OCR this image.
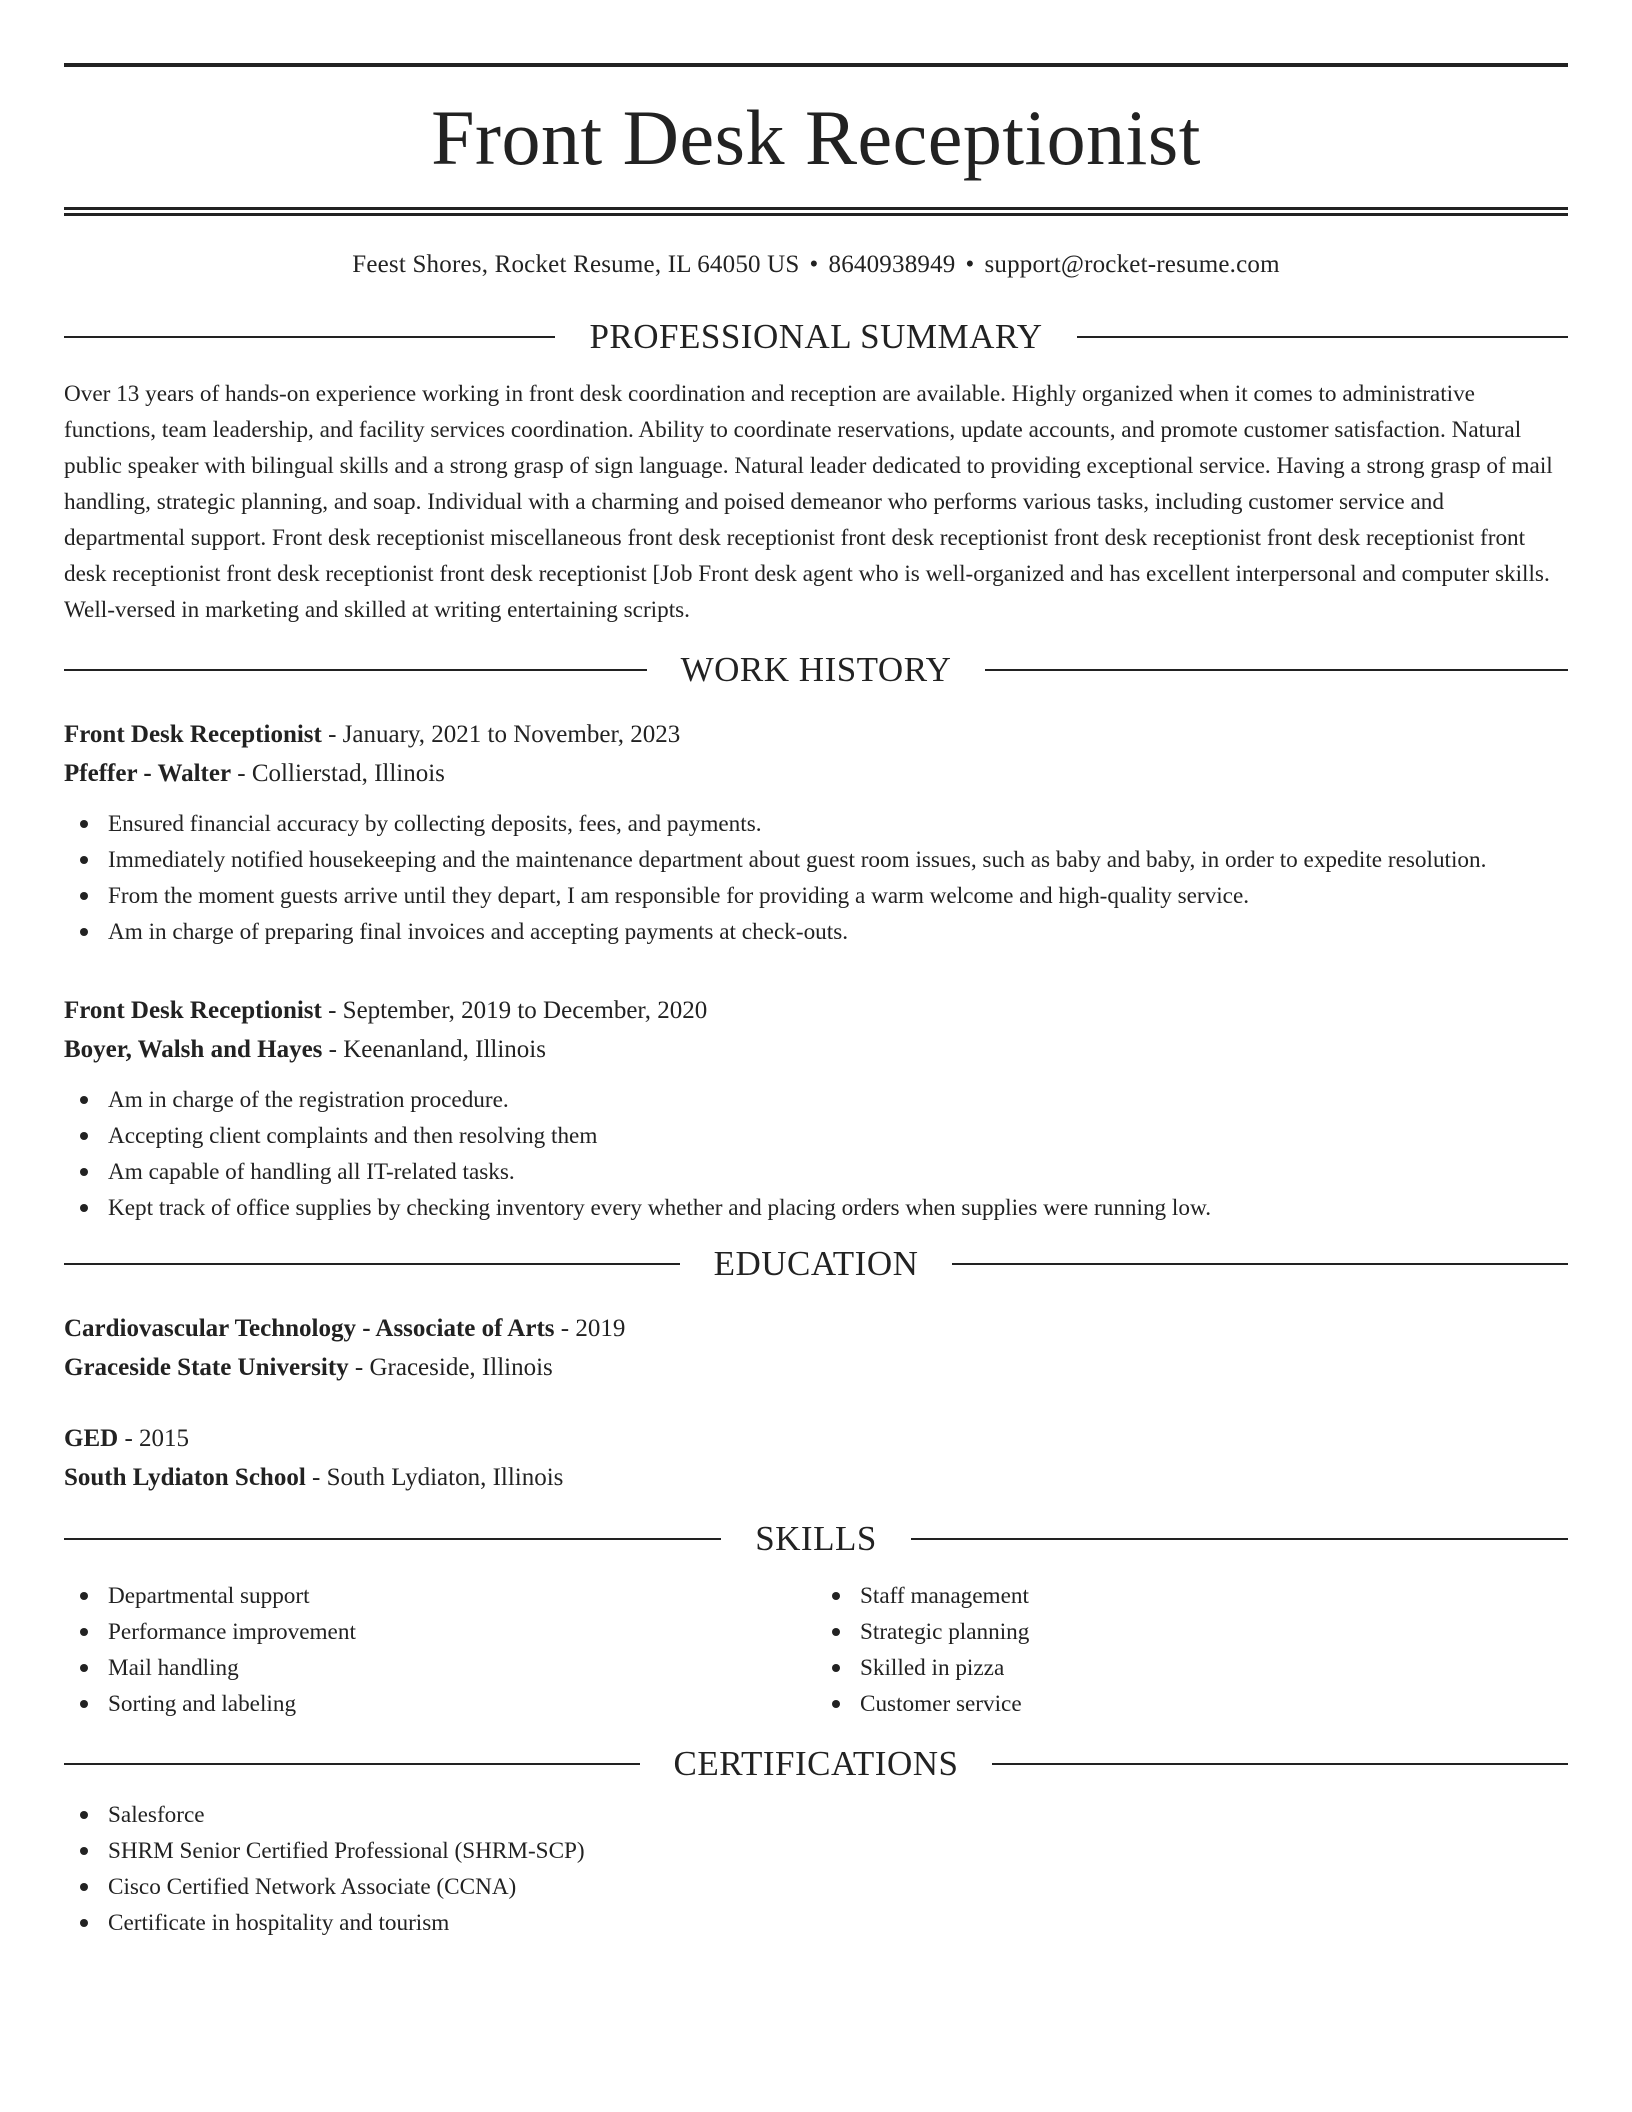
Front Desk Receptionist
Feest Shores, Rocket Resume, IL 64050 US • 8640938949 • support@rocket-resume.com
PROFESSIONAL SUMMARY
Over 13 years of hands-on experience working in front desk coordination and reception are available. Highly organized when it comes to administrative functions, team leadership, and facility services coordination. Ability to coordinate reservations, update accounts, and promote customer satisfaction. Natural public speaker with bilingual skills and a strong grasp of sign language. Natural leader dedicated to providing exceptional service. Having a strong grasp of mail handling, strategic planning, and soap. Individual with a charming and poised demeanor who performs various tasks, including customer service and departmental support. Front desk receptionist miscellaneous front desk receptionist front desk receptionist front desk receptionist front desk receptionist front desk receptionist front desk receptionist front desk receptionist [Job Front desk agent who is well-organized and has excellent interpersonal and computer skills. Well-versed in marketing and skilled at writing entertaining scripts.
WORK HISTORY
Front Desk Receptionist - January, 2021 to November, 2023
Pfeffer - Walter - Collierstad, Illinois
Ensured financial accuracy by collecting deposits, fees, and payments.
Immediately notified housekeeping and the maintenance department about guest room issues, such as baby and baby, in order to expedite resolution.
From the moment guests arrive until they depart, I am responsible for providing a warm welcome and high-quality service.
Am in charge of preparing final invoices and accepting payments at check-outs.
Front Desk Receptionist - September, 2019 to December, 2020
Boyer, Walsh and Hayes - Keenanland, Illinois
Am in charge of the registration procedure.
Accepting client complaints and then resolving them
Am capable of handling all IT-related tasks.
Kept track of office supplies by checking inventory every whether and placing orders when supplies were running low.
EDUCATION
Cardiovascular Technology - Associate of Arts - 2019
Graceside State University - Graceside, Illinois
GED - 2015
South Lydiaton School - South Lydiaton, Illinois
SKILLS
Departmental support
Performance improvement
Mail handling
Sorting and labeling
Staff management
Strategic planning
Skilled in pizza
Customer service
CERTIFICATIONS
Salesforce
SHRM Senior Certified Professional (SHRM-SCP)
Cisco Certified Network Associate (CCNA)
Certificate in hospitality and tourism
